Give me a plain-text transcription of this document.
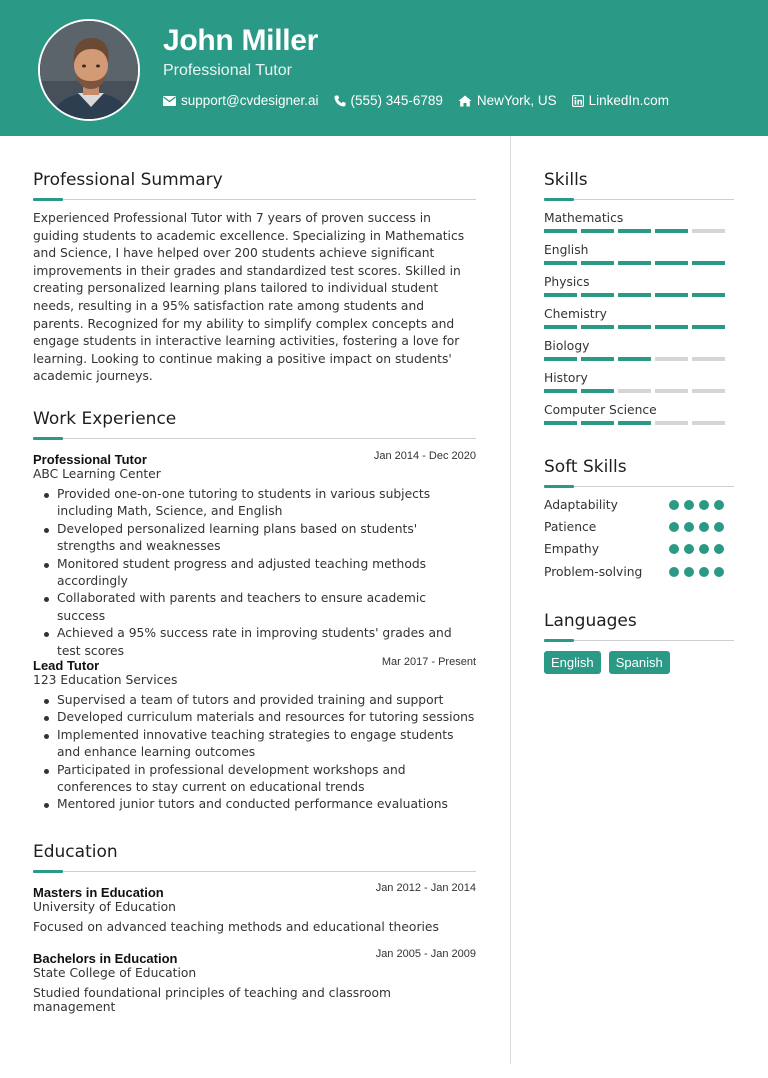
John Miller
Professional Tutor
support@cvdesigner.ai (555) 345-6789	NewYork, US LinkedIn.com
Professional Summary
Experienced Professional Tutor with 7 years of proven success in guiding students to academic excellence. Specializing in Mathematics and Science, I have helped over 200 students achieve significant improvements in their grades and standardized test scores. Skilled in creating personalized learning plans tailored to individual student needs, resulting in a 95% satisfaction rate among students and parents. Recognized for my ability to simplify complex concepts and engage students in interactive learning activities, fostering a love for learning. Looking to continue making a positive impact on students' academic journeys.
Work Experience
Professional Tutor	Jan 2014 - Dec 2020
ABC Learning Center
Provided one-on-one tutoring to students in various subjects including Math, Science, and English
Developed personalized learning plans based on students' strengths and weaknesses
Monitored student progress and adjusted teaching methods accordingly
Collaborated with parents and teachers to ensure academic success
Achieved a 95% success rate in improving students' grades and test scores
Lead Tutor	Mar 2017 - Present
123 Education Services
Supervised a team of tutors and provided training and support
Developed curriculum materials and resources for tutoring sessions
Implemented innovative teaching strategies to engage students and enhance learning outcomes
Participated in professional development workshops and conferences to stay current on educational trends
Mentored junior tutors and conducted performance evaluations
Education
Masters in Education	Jan 2012 - Jan 2014
University of Education
Focused on advanced teaching methods and educational theories
Bachelors in Education	Jan 2005 - Jan 2009
State College of Education
Studied foundational principles of teaching and classroom management
Skills
Mathematics
English
Physics
Chemistry
Biology
History
Computer Science
Soft Skills
Adaptability
Patience
Empathy
Problem-solving
Languages
English Spanish
